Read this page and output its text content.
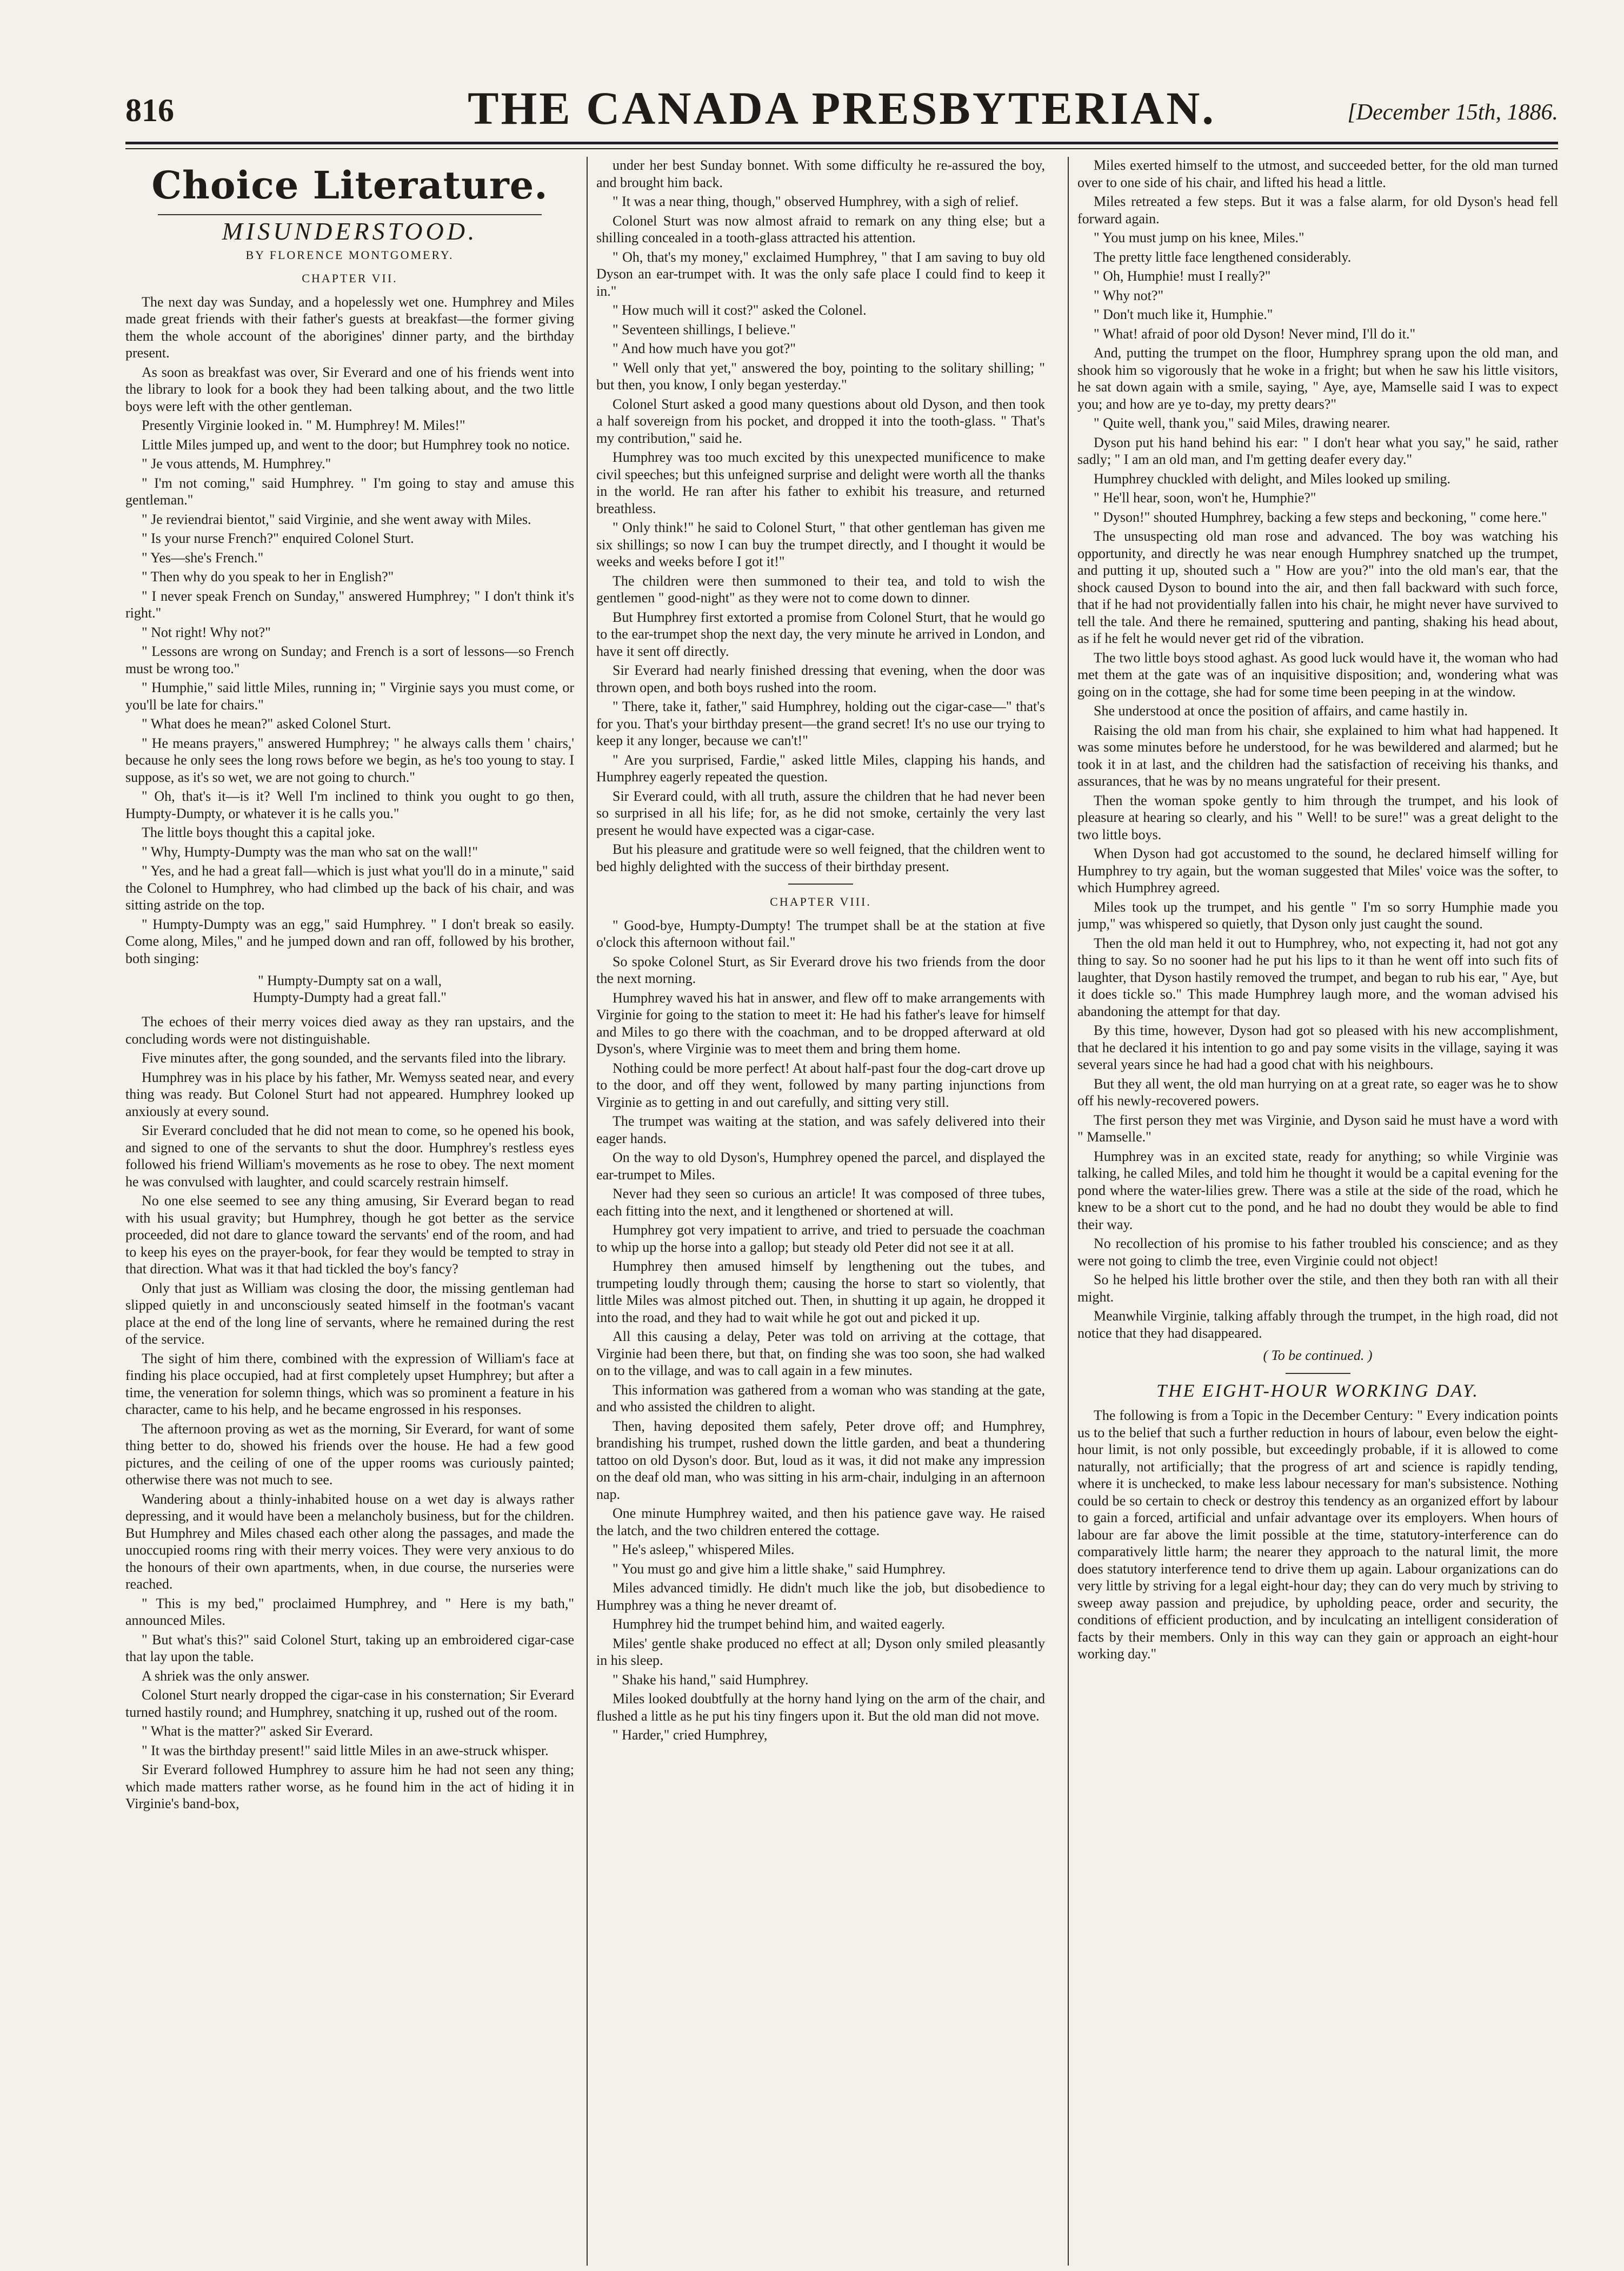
816	THE CANADA PRESBYTERIAN.	[December 15th, 1886.
Choice Literature.
MISUNDERSTOOD.
BY FLORENCE MONTGOMERY.
CHAPTER VII.

The next day was Sunday, and a hopelessly wet one. Humphrey and Miles made great friends with their father's guests at breakfast—the former giving them the whole account of the aborigines' dinner party, and the birthday present.

As soon as breakfast was over, Sir Everard and one of his friends went into the library to look for a book they had been talking about, and the two little boys were left with the other gentleman.

Presently Virginie looked in. " M. Humphrey! M. Miles!"

Little Miles jumped up, and went to the door; but Humphrey took no notice.

" Je vous attends, M. Humphrey."

" I'm not coming," said Humphrey. " I'm going to stay and amuse this gentleman."

" Je reviendrai bientot," said Virginie, and she went away with Miles.

" Is your nurse French?" enquired Colonel Sturt.

" Yes—she's French."

" Then why do you speak to her in English?"

" I never speak French on Sunday," answered Humphrey; " I don't think it's right."

" Not right! Why not?"

" Lessons are wrong on Sunday; and French is a sort of lessons—so French must be wrong too."

" Humphie," said little Miles, running in; " Virginie says you must come, or you'll be late for chairs."

" What does he mean?" asked Colonel Sturt.

" He means prayers," answered Humphrey; " he always calls them ' chairs,' because he only sees the long rows before we begin, as he's too young to stay. I suppose, as it's so wet, we are not going to church."

" Oh, that's it—is it? Well I'm inclined to think you ought to go then, Humpty-Dumpty, or whatever it is he calls you."

The little boys thought this a capital joke.

" Why, Humpty-Dumpty was the man who sat on the wall!"

" Yes, and he had a great fall—which is just what you'll do in a minute," said the Colonel to Humphrey, who had climbed up the back of his chair, and was sitting astride on the top.

" Humpty-Dumpty was an egg," said Humphrey. " I don't break so easily. Come along, Miles," and he jumped down and ran off, followed by his brother, both singing:

" Humpty-Dumpty sat on a wall,
Humpty-Dumpty had a great fall."

The echoes of their merry voices died away as they ran upstairs, and the concluding words were not distinguishable.

Five minutes after, the gong sounded, and the servants filed into the library.

Humphrey was in his place by his father, Mr. Wemyss seated near, and every thing was ready. But Colonel Sturt had not appeared. Humphrey looked up anxiously at every sound.

Sir Everard concluded that he did not mean to come, so he opened his book, and signed to one of the servants to shut the door. Humphrey's restless eyes followed his friend William's movements as he rose to obey. The next moment he was convulsed with laughter, and could scarcely restrain himself.

No one else seemed to see any thing amusing, Sir Everard began to read with his usual gravity; but Humphrey, though he got better as the service proceeded, did not dare to glance toward the servants' end of the room, and had to keep his eyes on the prayer-book, for fear they would be tempted to stray in that direction. What was it that had tickled the boy's fancy?

Only that just as William was closing the door, the missing gentleman had slipped quietly in and unconsciously seated himself in the footman's vacant place at the end of the long line of servants, where he remained during the rest of the service.

The sight of him there, combined with the expression of William's face at finding his place occupied, had at first completely upset Humphrey; but after a time, the veneration for solemn things, which was so prominent a feature in his character, came to his help, and he became engrossed in his responses.

The afternoon proving as wet as the morning, Sir Everard, for want of some thing better to do, showed his friends over the house. He had a few good pictures, and the ceiling of one of the upper rooms was curiously painted; otherwise there was not much to see.

Wandering about a thinly-inhabited house on a wet day is always rather depressing, and it would have been a melancholy business, but for the children. But Humphrey and Miles chased each other along the passages, and made the unoccupied rooms ring with their merry voices. They were very anxious to do the honours of their own apartments, when, in due course, the nurseries were reached.

" This is my bed," proclaimed Humphrey, and " Here is my bath," announced Miles.

" But what's this?" said Colonel Sturt, taking up an embroidered cigar-case that lay upon the table.

A shriek was the only answer.

Colonel Sturt nearly dropped the cigar-case in his consternation; Sir Everard turned hastily round; and Humphrey, snatching it up, rushed out of the room.

" What is the matter?" asked Sir Everard.

" It was the birthday present!" said little Miles in an awe-struck whisper.

Sir Everard followed Humphrey to assure him he had not seen any thing; which made matters rather worse, as he found him in the act of hiding it in Virginie's band-box,

under her best Sunday bonnet. With some difficulty he re-assured the boy, and brought him back.

" It was a near thing, though," observed Humphrey, with a sigh of relief.

Colonel Sturt was now almost afraid to remark on any thing else; but a shilling concealed in a tooth-glass attracted his attention.

" Oh, that's my money," exclaimed Humphrey, " that I am saving to buy old Dyson an ear-trumpet with. It was the only safe place I could find to keep it in."

" How much will it cost?" asked the Colonel.

" Seventeen shillings, I believe."

" And how much have you got?"

" Well only that yet," answered the boy, pointing to the solitary shilling; " but then, you know, I only began yesterday."

Colonel Sturt asked a good many questions about old Dyson, and then took a half sovereign from his pocket, and dropped it into the tooth-glass. " That's my contribution," said he.

Humphrey was too much excited by this unexpected munificence to make civil speeches; but this unfeigned surprise and delight were worth all the thanks in the world. He ran after his father to exhibit his treasure, and returned breathless.

" Only think!" he said to Colonel Sturt, " that other gentleman has given me six shillings; so now I can buy the trumpet directly, and I thought it would be weeks and weeks before I got it!"

The children were then summoned to their tea, and told to wish the gentlemen " good-night" as they were not to come down to dinner.

But Humphrey first extorted a promise from Colonel Sturt, that he would go to the ear-trumpet shop the next day, the very minute he arrived in London, and have it sent off directly.

Sir Everard had nearly finished dressing that evening, when the door was thrown open, and both boys rushed into the room.

" There, take it, father," said Humphrey, holding out the cigar-case—" that's for you. That's your birthday present—the grand secret! It's no use our trying to keep it any longer, because we can't!"

" Are you surprised, Fardie," asked little Miles, clapping his hands, and Humphrey eagerly repeated the question.

Sir Everard could, with all truth, assure the children that he had never been so surprised in all his life; for, as he did not smoke, certainly the very last present he would have expected was a cigar-case.

But his pleasure and gratitude were so well feigned, that the children went to bed highly delighted with the success of their birthday present.

CHAPTER VIII.

" Good-bye, Humpty-Dumpty! The trumpet shall be at the station at five o'clock this afternoon without fail."

So spoke Colonel Sturt, as Sir Everard drove his two friends from the door the next morning.

Humphrey waved his hat in answer, and flew off to make arrangements with Virginie for going to the station to meet it: He had his father's leave for himself and Miles to go there with the coachman, and to be dropped afterward at old Dyson's, where Virginie was to meet them and bring them home.

Nothing could be more perfect! At about half-past four the dog-cart drove up to the door, and off they went, followed by many parting injunctions from Virginie as to getting in and out carefully, and sitting very still.

The trumpet was waiting at the station, and was safely delivered into their eager hands.

On the way to old Dyson's, Humphrey opened the parcel, and displayed the ear-trumpet to Miles.

Never had they seen so curious an article! It was composed of three tubes, each fitting into the next, and it lengthened or shortened at will.

Humphrey got very impatient to arrive, and tried to persuade the coachman to whip up the horse into a gallop; but steady old Peter did not see it at all.

Humphrey then amused himself by lengthening out the tubes, and trumpeting loudly through them; causing the horse to start so violently, that little Miles was almost pitched out. Then, in shutting it up again, he dropped it into the road, and they had to wait while he got out and picked it up.

All this causing a delay, Peter was told on arriving at the cottage, that Virginie had been there, but that, on finding she was too soon, she had walked on to the village, and was to call again in a few minutes.

This information was gathered from a woman who was standing at the gate, and who assisted the children to alight.

Then, having deposited them safely, Peter drove off; and Humphrey, brandishing his trumpet, rushed down the little garden, and beat a thundering tattoo on old Dyson's door. But, loud as it was, it did not make any impression on the deaf old man, who was sitting in his arm-chair, indulging in an afternoon nap.

One minute Humphrey waited, and then his patience gave way. He raised the latch, and the two children entered the cottage.

" He's asleep," whispered Miles.

" You must go and give him a little shake," said Humphrey.

Miles advanced timidly. He didn't much like the job, but disobedience to Humphrey was a thing he never dreamt of.

Humphrey hid the trumpet behind him, and waited eagerly.

Miles' gentle shake produced no effect at all; Dyson only smiled pleasantly in his sleep.

" Shake his hand," said Humphrey.

Miles looked doubtfully at the horny hand lying on the arm of the chair, and flushed a little as he put his tiny fingers upon it. But the old man did not move.

" Harder," cried Humphrey,

Miles exerted himself to the utmost, and succeeded better, for the old man turned over to one side of his chair, and lifted his head a little.

Miles retreated a few steps. But it was a false alarm, for old Dyson's head fell forward again.

" You must jump on his knee, Miles."

The pretty little face lengthened considerably.

" Oh, Humphie! must I really?"

" Why not?"

" Don't much like it, Humphie."

" What! afraid of poor old Dyson! Never mind, I'll do it."

And, putting the trumpet on the floor, Humphrey sprang upon the old man, and shook him so vigorously that he woke in a fright; but when he saw his little visitors, he sat down again with a smile, saying, " Aye, aye, Mamselle said I was to expect you; and how are ye to-day, my pretty dears?"

" Quite well, thank you," said Miles, drawing nearer.

Dyson put his hand behind his ear: " I don't hear what you say," he said, rather sadly; " I am an old man, and I'm getting deafer every day."

Humphrey chuckled with delight, and Miles looked up smiling.

" He'll hear, soon, won't he, Humphie?"

" Dyson!" shouted Humphrey, backing a few steps and beckoning, " come here."

The unsuspecting old man rose and advanced. The boy was watching his opportunity, and directly he was near enough Humphrey snatched up the trumpet, and putting it up, shouted such a " How are you?" into the old man's ear, that the shock caused Dyson to bound into the air, and then fall backward with such force, that if he had not providentially fallen into his chair, he might never have survived to tell the tale. And there he remained, sputtering and panting, shaking his head about, as if he felt he would never get rid of the vibration.

The two little boys stood aghast. As good luck would have it, the woman who had met them at the gate was of an inquisitive disposition; and, wondering what was going on in the cottage, she had for some time been peeping in at the window.

She understood at once the position of affairs, and came hastily in.

Raising the old man from his chair, she explained to him what had happened. It was some minutes before he understood, for he was bewildered and alarmed; but he took it in at last, and the children had the satisfaction of receiving his thanks, and assurances, that he was by no means ungrateful for their present.

Then the woman spoke gently to him through the trumpet, and his look of pleasure at hearing so clearly, and his " Well! to be sure!" was a great delight to the two little boys.

When Dyson had got accustomed to the sound, he declared himself willing for Humphrey to try again, but the woman suggested that Miles' voice was the softer, to which Humphrey agreed.

Miles took up the trumpet, and his gentle " I'm so sorry Humphie made you jump," was whispered so quietly, that Dyson only just caught the sound.

Then the old man held it out to Humphrey, who, not expecting it, had not got any thing to say. So no sooner had he put his lips to it than he went off into such fits of laughter, that Dyson hastily removed the trumpet, and began to rub his ear, " Aye, but it does tickle so." This made Humphrey laugh more, and the woman advised his abandoning the attempt for that day.

By this time, however, Dyson had got so pleased with his new accomplishment, that he declared it his intention to go and pay some visits in the village, saying it was several years since he had had a good chat with his neighbours.

But they all went, the old man hurrying on at a great rate, so eager was he to show off his newly-recovered powers.

The first person they met was Virginie, and Dyson said he must have a word with " Mamselle."

Humphrey was in an excited state, ready for anything; so while Virginie was talking, he called Miles, and told him he thought it would be a capital evening for the pond where the water-lilies grew. There was a stile at the side of the road, which he knew to be a short cut to the pond, and he had no doubt they would be able to find their way.

No recollection of his promise to his father troubled his conscience; and as they were not going to climb the tree, even Virginie could not object!

So he helped his little brother over the stile, and then they both ran with all their might.

Meanwhile Virginie, talking affably through the trumpet, in the high road, did not notice that they had disappeared.

( To be continued. )
THE EIGHT-HOUR WORKING DAY.

The following is from a Topic in the December Century: " Every indication points us to the belief that such a further reduction in hours of labour, even below the eight-hour limit, is not only possible, but exceedingly probable, if it is allowed to come naturally, not artificially; that the progress of art and science is rapidly tending, where it is unchecked, to make less labour necessary for man's subsistence. Nothing could be so certain to check or destroy this tendency as an organized effort by labour to gain a forced, artificial and unfair advantage over its employers. When hours of labour are far above the limit possible at the time, statutory-interference can do comparatively little harm; the nearer they approach to the natural limit, the more does statutory interference tend to drive them up again. Labour organizations can do very little by striving for a legal eight-hour day; they can do very much by striving to sweep away passion and prejudice, by upholding peace, order and security, the conditions of efficient production, and by inculcating an intelligent consideration of facts by their members. Only in this way can they gain or approach an eight-hour working day."
